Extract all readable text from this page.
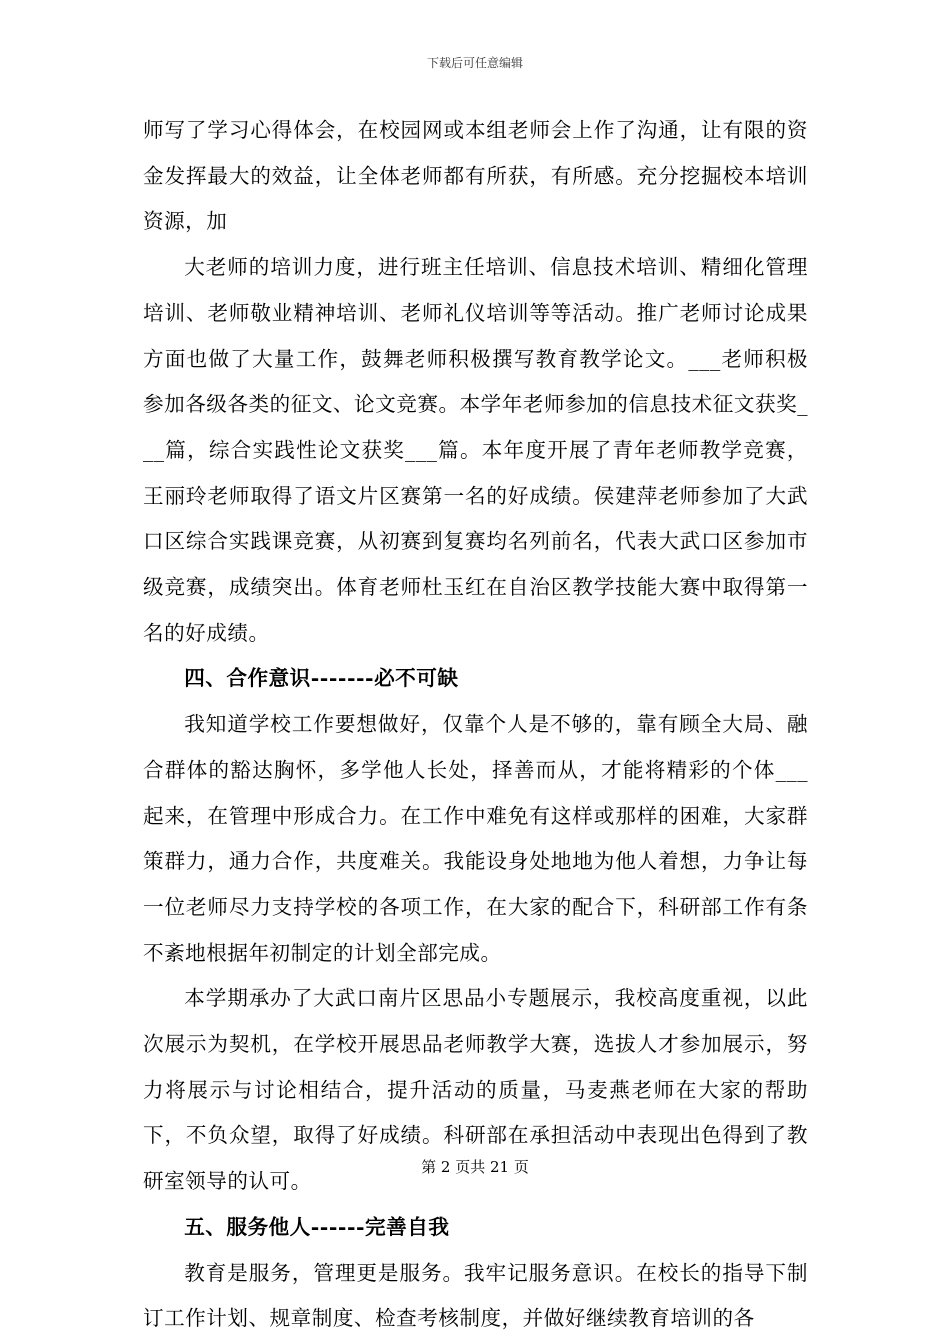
下载后可任意编辑

师写了学习心得体会，在校园网或本组老师会上作了沟通，让有限的资金发挥最大的效益，让全体老师都有所获，有所感。充分挖掘校本培训资源，加

大老师的培训力度，进行班主任培训、信息技术培训、精细化管理培训、老师敬业精神培训、老师礼仪培训等等活动。推广老师讨论成果方面也做了大量工作，鼓舞老师积极撰写教育教学论文。___老师积极参加各级各类的征文、论文竞赛。本学年老师参加的信息技术征文获奖___篇，综合实践性论文获奖___篇。本年度开展了青年老师教学竞赛，王丽玲老师取得了语文片区赛第一名的好成绩。侯建萍老师参加了大武口区综合实践课竞赛，从初赛到复赛均名列前名，代表大武口区参加市级竞赛，成绩突出。体育老师杜玉红在自治区教学技能大赛中取得第一名的好成绩。

四、合作意识-------必不可缺

我知道学校工作要想做好，仅靠个人是不够的，靠有顾全大局、融合群体的豁达胸怀，多学他人长处，择善而从，才能将精彩的个体___起来，在管理中形成合力。在工作中难免有这样或那样的困难，大家群策群力，通力合作，共度难关。我能设身处地地为他人着想，力争让每一位老师尽力支持学校的各项工作，在大家的配合下，科研部工作有条不紊地根据年初制定的计划全部完成。

本学期承办了大武口南片区思品小专题展示，我校高度重视，以此次展示为契机，在学校开展思品老师教学大赛，选拔人才参加展示，努力将展示与讨论相结合，提升活动的质量，马麦燕老师在大家的帮助下，不负众望，取得了好成绩。科研部在承担活动中表现出色得到了教研室领导的认可。

五、服务他人------完善自我

教育是服务，管理更是服务。我牢记服务意识。在校长的指导下制订工作计划、规章制度、检查考核制度，并做好继续教育培训的各

第 2 页共 21 页
